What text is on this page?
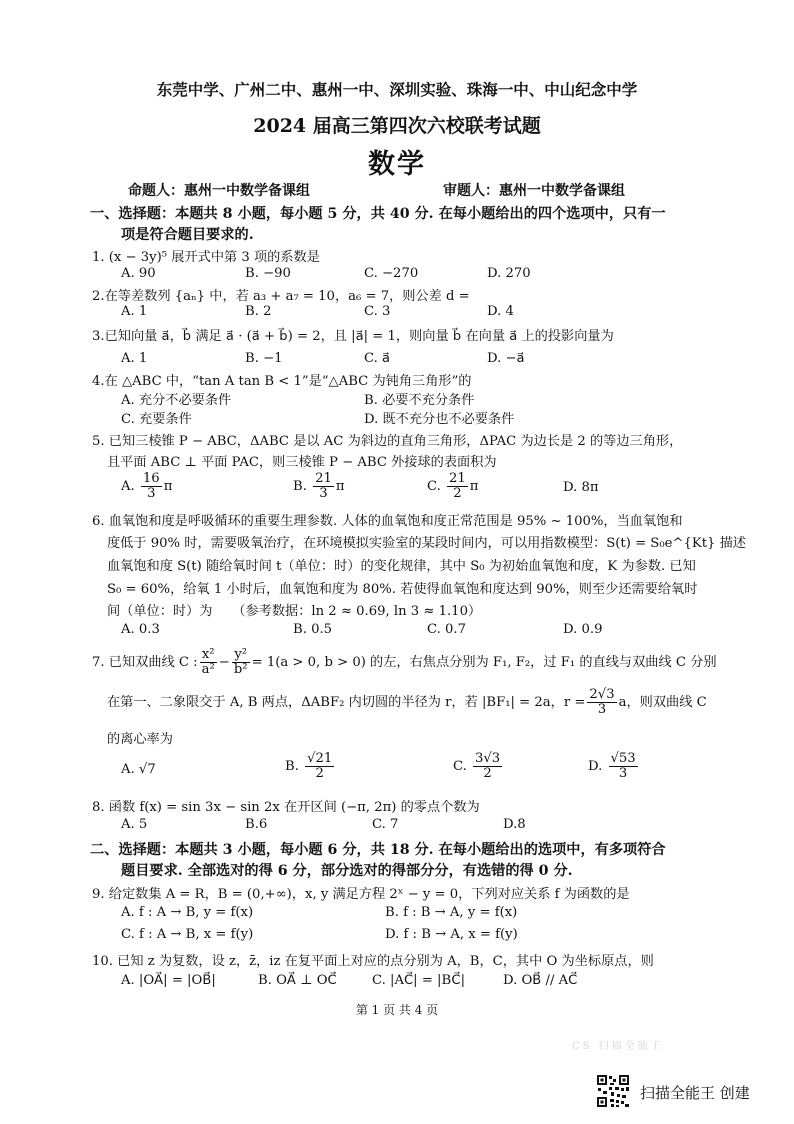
东莞中学、广州二中、惠州一中、深圳实验、珠海一中、中山纪念中学
2024 届高三第四次六校联考试题
数学
命题人：惠州一中数学备课组	审题人：惠州一中数学备课组
一、选择题：本题共 8 小题，每小题 5 分，共 40 分. 在每小题给出的四个选项中，只有一
项是符合题目要求的.
1. (x − 3y)⁵ 展开式中第 3 项的系数是
A. 90	B. −90	C. −270	D. 270
2.在等差数列 {aₙ} 中，若 a₃ + a₇ = 10，a₆ = 7，则公差 d =
A. 1	B. 2	C. 3	D. 4
3.已知向量 a⃗，b⃗ 满足 a⃗ · (a⃗ + b⃗) = 2，且 |a⃗| = 1，则向量 b⃗ 在向量 a⃗ 上的投影向量为
A. 1	B. −1	C. a⃗	D. −a⃗
4.在 △ABC 中，“tan A tan B < 1”是“△ABC 为钝角三角形”的
A. 充分不必要条件	B. 必要不充分条件
C. 充要条件	D. 既不充分也不必要条件
5. 已知三棱锥 P − ABC，ΔABC 是以 AC 为斜边的直角三角形，ΔPAC 为边长是 2 的等边三角形，
且平面 ABC ⊥ 平面 PAC，则三棱锥 P − ABC 外接球的表面积为
A. $\frac{16}{3}$ π	B. $\frac{21}{3}$ π	C. $\frac{21}{2}$ π	D. 8π
6. 血氧饱和度是呼吸循环的重要生理参数. 人体的血氧饱和度正常范围是 95% ~ 100%，当血氧饱和
度低于 90% 时，需要吸氧治疗，在环境模拟实验室的某段时间内，可以用指数模型：S(t) = S₀e^{Kt} 描述
血氧饱和度 S(t) 随给氧时间 t（单位：时）的变化规律，其中 S₀ 为初始血氧饱和度，K 为参数. 已知
S₀ = 60%，给氧 1 小时后，血氧饱和度为 80%. 若使得血氧饱和度达到 90%，则至少还需要给氧时
间（单位：时）为　　（参考数据：ln 2 ≈ 0.69, ln 3 ≈ 1.10）
A. 0.3	B. 0.5	C. 0.7	D. 0.9
7. 已知双曲线 C : $\frac{\text{x²}}{\text{a²}} - \frac{\text{y²}}{\text{b²}} = 1(a > 0$, b > 0) 的左，右焦点分别为 F₁, F₂，过 F₁ 的直线与双曲线 C 分别
在第一、二象限交于 A, B 两点，ΔABF₂ 内切圆的半径为 r，若 |BF₁| = 2a，$r = \frac{2√3}{3}$ a，则双曲线 C
的离心率为
A. √7	B. $\frac{√21}{2}$	C. $\frac{3√3}{2}$	D. $\frac{√53}{3}$
8. 函数 f(x) = sin 3x − sin 2x 在开区间 (−π, 2π) 的零点个数为
A. 5	B.6	C. 7	D.8
二、选择题：本题共 3 小题，每小题 6 分，共 18 分. 在每小题给出的选项中，有多项符合
题目要求. 全部选对的得 6 分，部分选对的得部分分，有选错的得 0 分.
9. 给定数集 A = R，B = (0,+∞)，x, y 满足方程 2ˣ − y = 0，下列对应关系 f 为函数的是
A. f : A → B, y = f(x)	B. f : B → A, y = f(x)
C. f : A → B, x = f(y)	D. f : B → A, x = f(y)
10. 已知 z 为复数，设 z，z̄，iz 在复平面上对应的点分别为 A，B，C，其中 O 为坐标原点，则
A. |OA⃗| = |OB⃗|	B. OA⃗ ⊥ OC⃗	C. |AC⃗| = |BC⃗|	D. OB⃗ // AC⃗
第 1 页 共 4 页
CS 扫描全能王
扫描全能王 创建
